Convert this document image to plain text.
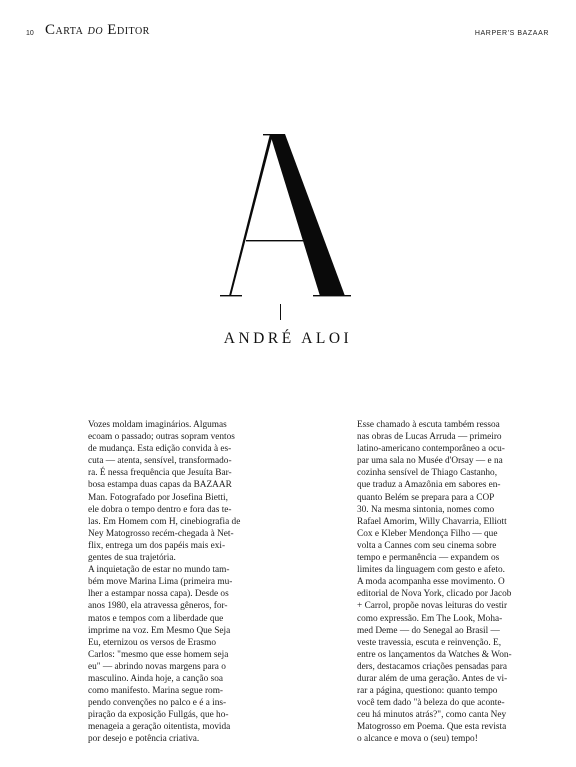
10 CARTA DO EDITOR	HARPER'S BAZAAR
ANDRÉ ALOI
Vozes moldam imaginários. Algumas
ecoam o passado; outras sopram ventos
de mudança. Esta edição convida à es-
cuta — atenta, sensível, transformado-
ra. É nessa frequência que Jesuíta Bar-
bosa estampa duas capas da BAZAAR
Man. Fotografado por Josefina Bietti,
ele dobra o tempo dentro e fora das te-
las. Em Homem com H, cinebiografia de
Ney Matogrosso recém-chegada à Net-
flix, entrega um dos papéis mais exi-
gentes de sua trajetória.
A inquietação de estar no mundo tam-
bém move Marina Lima (primeira mu-
lher a estampar nossa capa). Desde os
anos 1980, ela atravessa gêneros, for-
matos e tempos com a liberdade que
imprime na voz. Em Mesmo Que Seja
Eu, eternizou os versos de Erasmo
Carlos: "mesmo que esse homem seja
eu" — abrindo novas margens para o
masculino. Ainda hoje, a canção soa
como manifesto. Marina segue rom-
pendo convenções no palco e é a ins-
piração da exposição Fullgás, que ho-
menageia a geração oitentista, movida
por desejo e potência criativa.
Esse chamado à escuta também ressoa
nas obras de Lucas Arruda — primeiro
latino-americano contemporâneo a ocu-
par uma sala no Musée d'Orsay — e na
cozinha sensível de Thiago Castanho,
que traduz a Amazônia em sabores en-
quanto Belém se prepara para a COP
30. Na mesma sintonia, nomes como
Rafael Amorim, Willy Chavarria, Elliott
Cox e Kleber Mendonça Filho — que
volta a Cannes com seu cinema sobre
tempo e permanência — expandem os
limites da linguagem com gesto e afeto.
A moda acompanha esse movimento. O
editorial de Nova York, clicado por Jacob
+ Carrol, propõe novas leituras do vestir
como expressão. Em The Look, Moha-
med Deme — do Senegal ao Brasil —
veste travessia, escuta e reinvenção. E,
entre os lançamentos da Watches & Won-
ders, destacamos criações pensadas para
durar além de uma geração. Antes de vi-
rar a página, questiono: quanto tempo
você tem dado "à beleza do que aconte-
ceu há minutos atrás?", como canta Ney
Matogrosso em Poema. Que esta revista
o alcance e mova o (seu) tempo!
